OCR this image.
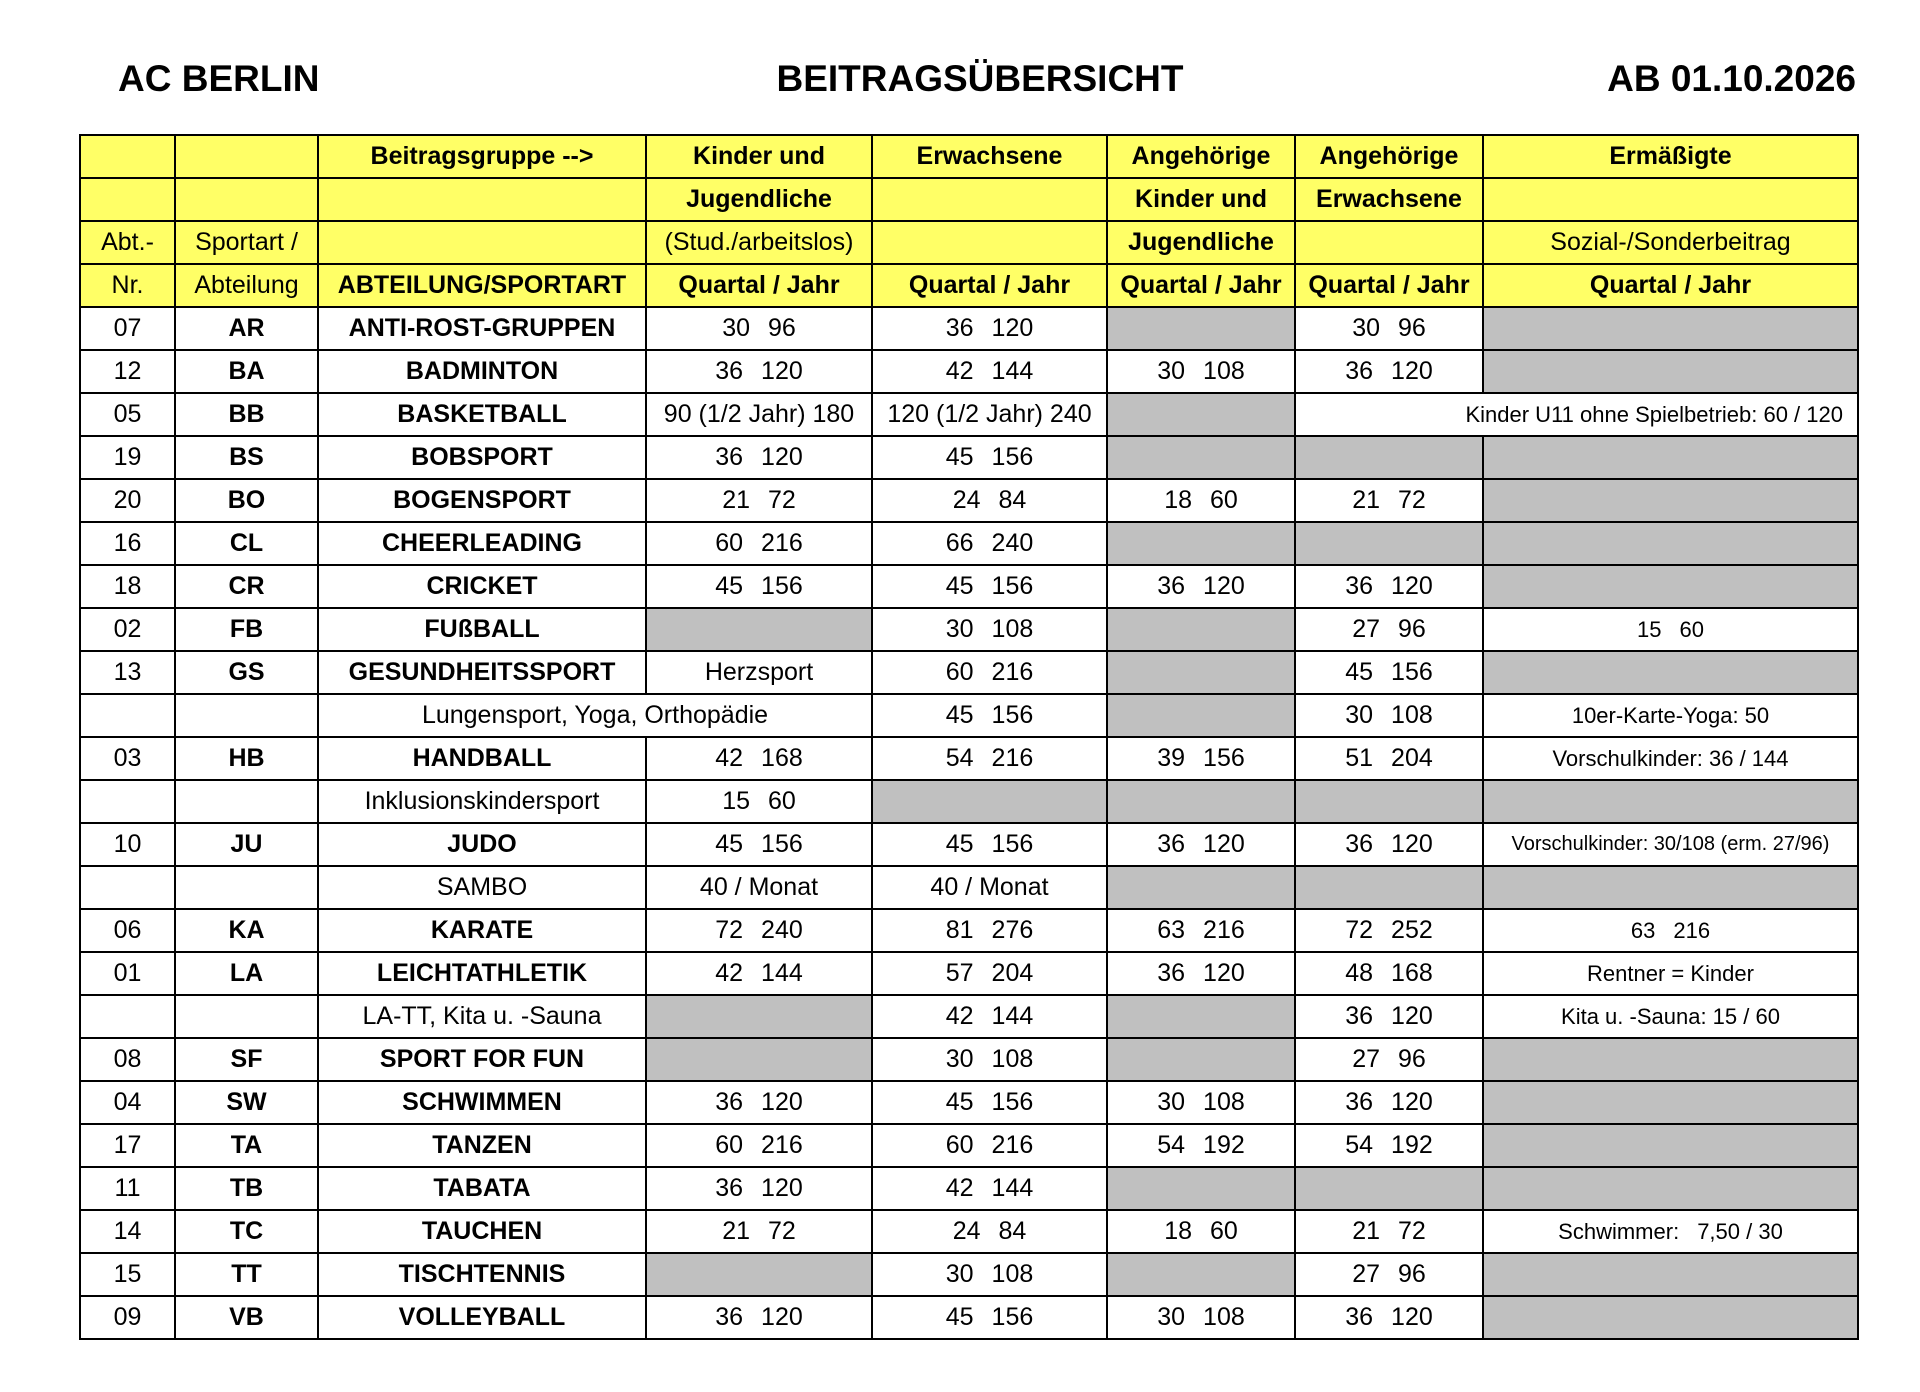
AC BERLIN	BEITRAGSÜBERSICHT	AB 01.10.2026
		Beitragsgruppe -->	Kinder und	Erwachsene	Angehörige	Angehörige	Ermäßigte
			Jugendliche		Kinder und	Erwachsene	
Abt.-	Sportart /		(Stud./arbeitslos)		Jugendliche		Sozial-/Sonderbeitrag
Nr.	Abteilung	ABTEILUNG/SPORTART	Quartal / Jahr	Quartal / Jahr	Quartal / Jahr	Quartal / Jahr	Quartal / Jahr
07	AR	ANTI-ROST-GRUPPEN	30 96	36 120		30 96	
12	BA	BADMINTON	36 120	42 144	30 108	36 120	
05	BB	BASKETBALL	90 (1/2 Jahr) 180	120 (1/2 Jahr) 240		Kinder U11 ohne Spielbetrieb: 60 / 120	
19	BS	BOBSPORT	36 120	45 156			
20	BO	BOGENSPORT	21 72	24 84	18 60	21 72	
16	CL	CHEERLEADING	60 216	66 240			
18	CR	CRICKET	45 156	45 156	36 120	36 120	
02	FB	FUßBALL		30 108		27 96	15 60
13	GS	GESUNDHEITSSPORT	Herzsport	60 216		45 156	
		Lungensport, Yoga, Orthopädie		45 156		30 108	10er-Karte-Yoga: 50
03	HB	HANDBALL	42 168	54 216	39 156	51 204	Vorschulkinder: 36 / 144
		Inklusionskindersport	15 60				
10	JU	JUDO	45 156	45 156	36 120	36 120	Vorschulkinder: 30/108 (erm. 27/96)
		SAMBO	40 / Monat	40 / Monat			
06	KA	KARATE	72 240	81 276	63 216	72 252	63 216
01	LA	LEICHTATHLETIK	42 144	57 204	36 120	48 168	Rentner = Kinder
		LA-TT, Kita u. -Sauna		42 144		36 120	Kita u. -Sauna: 15 / 60
08	SF	SPORT FOR FUN		30 108		27 96	
04	SW	SCHWIMMEN	36 120	45 156	30 108	36 120	
17	TA	TANZEN	60 216	60 216	54 192	54 192	
11	TB	TABATA	36 120	42 144			
14	TC	TAUCHEN	21 72	24 84	18 60	21 72	Schwimmer: 7,50 / 30
15	TT	TISCHTENNIS		30 108		27 96	
09	VB	VOLLEYBALL	36 120	45 156	30 108	36 120	
